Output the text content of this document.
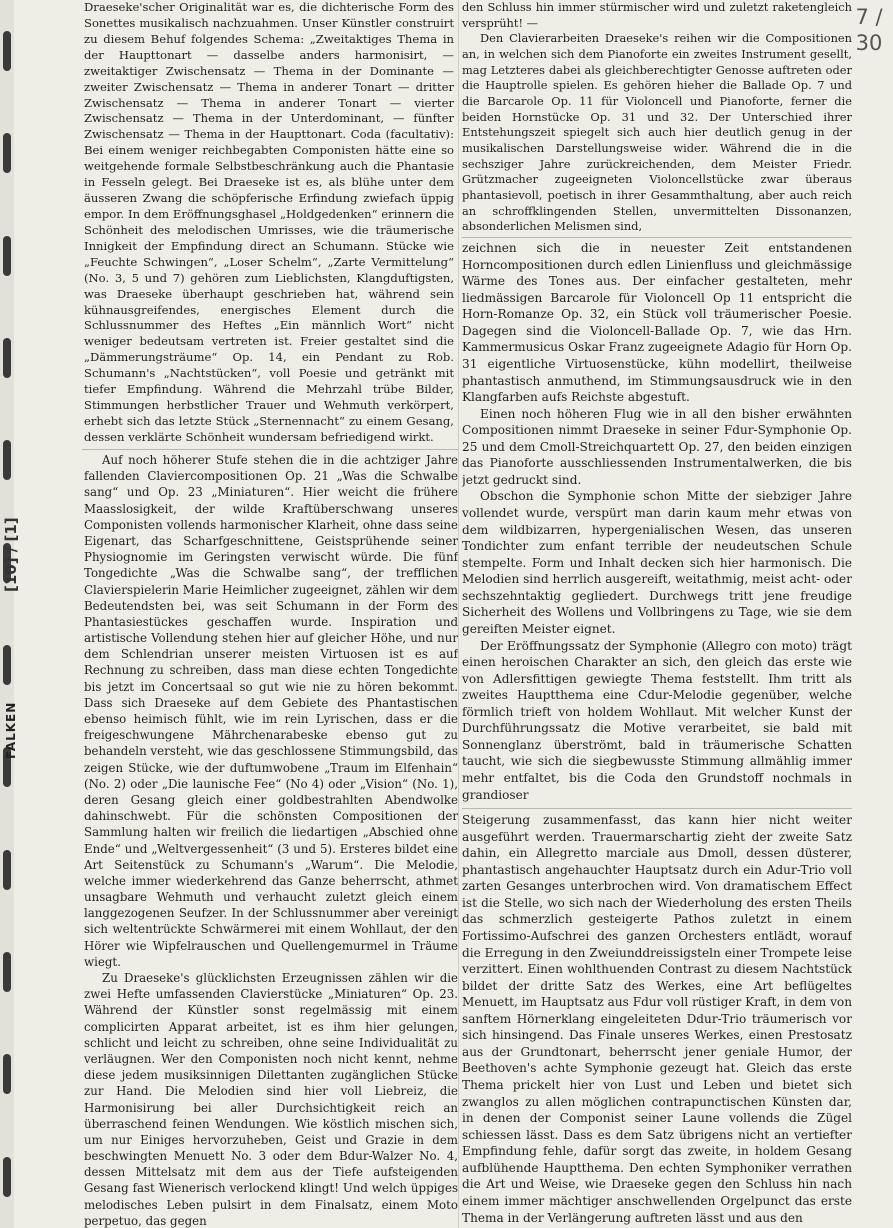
[10] / [1]
FALKEN
7 / 30

Draeseke'scher Originalität war es, die dichterische Form des Sonettes musikalisch nachzuahmen. Unser Künstler construirt zu diesem Behuf folgendes Schema: „Zweitaktiges Thema in der Haupttonart — dasselbe anders harmonisirt, — zweitaktiger Zwischensatz — Thema in der Dominante — zweiter Zwischensatz — Thema in anderer Tonart — dritter Zwischensatz — Thema in anderer Tonart — vierter Zwischensatz — Thema in der Unterdominant, — fünfter Zwischensatz — Thema in der Haupttonart. Coda (facultativ): Bei einem weniger reichbegabten Componisten hätte eine so weitgehende formale Selbstbeschränkung auch die Phantasie in Fesseln gelegt. Bei Draeseke ist es, als blühe unter dem äusseren Zwang die schöpferische Erfindung zwiefach üppig empor. In dem Eröffnungsghasel „Holdgedenken“ erinnern die Schönheit des melodischen Umrisses, wie die träumerische Innigkeit der Empfindung direct an Schumann. Stücke wie „Feuchte Schwingen“, „Loser Schelm“, „Zarte Vermittelung“ (No. 3, 5 und 7) gehören zum Lieblichsten, Klangduftigsten, was Draeseke überhaupt geschrieben hat, während sein kühnausgreifendes, energisches Element durch die Schlussnummer des Heftes „Ein männlich Wort“ nicht weniger bedeutsam vertreten ist. Freier gestaltet sind die „Dämmerungsträume“ Op. 14, ein Pendant zu Rob. Schumann's „Nachtstücken“, voll Poesie und getränkt mit tiefer Empfindung. Während die Mehrzahl trübe Bilder, Stimmungen herbstlicher Trauer und Wehmuth verkörpert, erhebt sich das letzte Stück „Sternennacht“ zu einem Gesang, dessen verklärte Schönheit wundersam befriedigend wirkt.

Auf noch höherer Stufe stehen die in die achtziger Jahre fallenden Claviercompositionen Op. 21 „Was die Schwalbe sang“ und Op. 23 „Miniaturen“. Hier weicht die frühere Maasslosigkeit, der wilde Kraftüberschwang unseres Componisten vollends harmonischer Klarheit, ohne dass seine Eigenart, das Scharfgeschnittene, Geistsprühende seiner Physiognomie im Geringsten verwischt würde. Die fünf Tongedichte „Was die Schwalbe sang“, der trefflichen Clavierspielerin Marie Heimlicher zugeeignet, zählen wir dem Bedeutendsten bei, was seit Schumann in der Form des Phantasiestückes geschaffen wurde. Inspiration und artistische Vollendung stehen hier auf gleicher Höhe, und nur dem Schlendrian unserer meisten Virtuosen ist es auf Rechnung zu schreiben, dass man diese echten Tongedichte bis jetzt im Concertsaal so gut wie nie zu hören bekommt. Dass sich Draeseke auf dem Gebiete des Phantastischen ebenso heimisch fühlt, wie im rein Lyrischen, dass er die freigeschwungene Mährchenarabeske ebenso gut zu behandeln versteht, wie das geschlossene Stimmungsbild, das zeigen Stücke, wie der duftumwobene „Traum im Elfenhain“ (No. 2) oder „Die launische Fee“ (No 4) oder „Vision“ (No. 1), deren Gesang gleich einer goldbestrahlten Abendwolke dahinschwebt. Für die schönsten Compositionen der Sammlung halten wir freilich die liedartigen „Abschied ohne Ende“ und „Weltvergessenheit“ (3 und 5). Ersteres bildet eine Art Seitenstück zu Schumann's „Warum“. Die Melodie, welche immer wiederkehrend das Ganze beherrscht, athmet unsagbare Wehmuth und verhaucht zuletzt gleich einem langgezogenen Seufzer. In der Schlussnummer aber vereinigt sich weltentrückte Schwärmerei mit einem Wohllaut, der den Hörer wie Wipfelrauschen und Quellengemurmel in Träume wiegt.

Zu Draeseke's glücklichsten Erzeugnissen zählen wir die zwei Hefte umfassenden Clavierstücke „Miniaturen“ Op. 23. Während der Künstler sonst regelmässig mit einem complicirten Apparat arbeitet, ist es ihm hier gelungen, schlicht und leicht zu schreiben, ohne seine Individualität zu verläugnen. Wer den Componisten noch nicht kennt, nehme diese jedem musiksinnigen Dilettanten zugänglichen Stücke zur Hand. Die Melodien sind hier voll Liebreiz, die Harmonisirung bei aller Durchsichtigkeit reich an überraschend feinen Wendungen. Wie köstlich mischen sich, um nur Einiges hervorzuheben, Geist und Grazie in dem beschwingten Menuett No. 3 oder dem Bdur-Walzer No. 4, dessen Mittelsatz mit dem aus der Tiefe aufsteigenden Gesang fast Wienerisch verlockend klingt! Und welch üppiges melodisches Leben pulsirt in dem Finalsatz, einem Moto perpetuo, das gegen

den Schluss hin immer stürmischer wird und zuletzt raketengleich versprüht! —

Den Clavierarbeiten Draeseke's reihen wir die Compositionen an, in welchen sich dem Pianoforte ein zweites Instrument gesellt, mag Letzteres dabei als gleichberechtigter Genosse auftreten oder die Hauptrolle spielen. Es gehören hieher die Ballade Op. 7 und die Barcarole Op. 11 für Violoncell und Pianoforte, ferner die beiden Hornstücke Op. 31 und 32. Der Unterschied ihrer Entstehungszeit spiegelt sich auch hier deutlich genug in der musikalischen Darstellungsweise wider. Während die in die sechsziger Jahre zurückreichenden, dem Meister Friedr. Grützmacher zugeeigneten Violoncellstücke zwar überaus phantasievoll, poetisch in ihrer Gesammthaltung, aber auch reich an schroffklingenden Stellen, unvermittelten Dissonanzen, absonderlichen Melismen sind,

zeichnen sich die in neuester Zeit entstandenen Horncompositionen durch edlen Linienfluss und gleichmässige Wärme des Tones aus. Der einfacher gestalteten, mehr liedmässigen Barcarole für Violoncell Op 11 entspricht die Horn-Romanze Op. 32, ein Stück voll träumerischer Poesie. Dagegen sind die Violoncell-Ballade Op. 7, wie das Hrn. Kammermusicus Oskar Franz zugeeignete Adagio für Horn Op. 31 eigentliche Virtuosenstücke, kühn modellirt, theilweise phantastisch anmuthend, im Stimmungsausdruck wie in den Klangfarben aufs Reichste abgestuft.

Einen noch höheren Flug wie in all den bisher erwähnten Compositionen nimmt Draeseke in seiner Fdur-Symphonie Op. 25 und dem Cmoll-Streichquartett Op. 27, den beiden einzigen das Pianoforte ausschliessenden Instrumentalwerken, die bis jetzt gedruckt sind.

Obschon die Symphonie schon Mitte der siebziger Jahre vollendet wurde, verspürt man darin kaum mehr etwas von dem wildbizarren, hypergenialischen Wesen, das unseren Tondichter zum enfant terrible der neudeutschen Schule stempelte. Form und Inhalt decken sich hier harmonisch. Die Melodien sind herrlich ausgereift, weitathmig, meist acht- oder sechszehntaktig gegliedert. Durchwegs tritt jene freudige Sicherheit des Wollens und Vollbringens zu Tage, wie sie dem gereiften Meister eignet.

Der Eröffnungssatz der Symphonie (Allegro con moto) trägt einen heroischen Charakter an sich, den gleich das erste wie von Adlersfittigen gewiegte Thema feststellt. Ihm tritt als zweites Hauptthema eine Cdur-Melodie gegenüber, welche förmlich trieft von holdem Wohllaut. Mit welcher Kunst der Durchführungssatz die Motive verarbeitet, sie bald mit Sonnenglanz überströmt, bald in träumerische Schatten taucht, wie sich die siegbewusste Stimmung allmählig immer mehr entfaltet, bis die Coda den Grundstoff nochmals in grandioser

Steigerung zusammenfasst, das kann hier nicht weiter ausgeführt werden. Trauermarschartig zieht der zweite Satz dahin, ein Allegretto marciale aus Dmoll, dessen düsterer, phantastisch angehauchter Hauptsatz durch ein Adur-Trio voll zarten Gesanges unterbrochen wird. Von dramatischem Effect ist die Stelle, wo sich nach der Wiederholung des ersten Theils das schmerzlich gesteigerte Pathos zuletzt in einem Fortissimo-Aufschrei des ganzen Orchesters entlädt, worauf die Erregung in den Zweiunddreissigsteln einer Trompete leise verzittert. Einen wohlthuenden Contrast zu diesem Nachtstück bildet der dritte Satz des Werkes, eine Art beflügeltes Menuett, im Hauptsatz aus Fdur voll rüstiger Kraft, in dem von sanftem Hörnerklang eingeleiteten Ddur-Trio träumerisch vor sich hinsingend. Das Finale unseres Werkes, einen Prestosatz aus der Grundtonart, beherrscht jener geniale Humor, der Beethoven's achte Symphonie gezeugt hat. Gleich das erste Thema prickelt hier von Lust und Leben und bietet sich zwanglos zu allen möglichen contrapunctischen Künsten dar, in denen der Componist seiner Laune vollends die Zügel schiessen lässt. Dass es dem Satz übrigens nicht an vertiefter Empfindung fehle, dafür sorgt das zweite, in holdem Gesang aufblühende Hauptthema. Den echten Symphoniker verrathen die Art und Weise, wie Draeseke gegen den Schluss hin nach einem immer mächtiger anschwellenden Orgelpunct das erste Thema in der Verlängerung auftreten lässt und aus den
